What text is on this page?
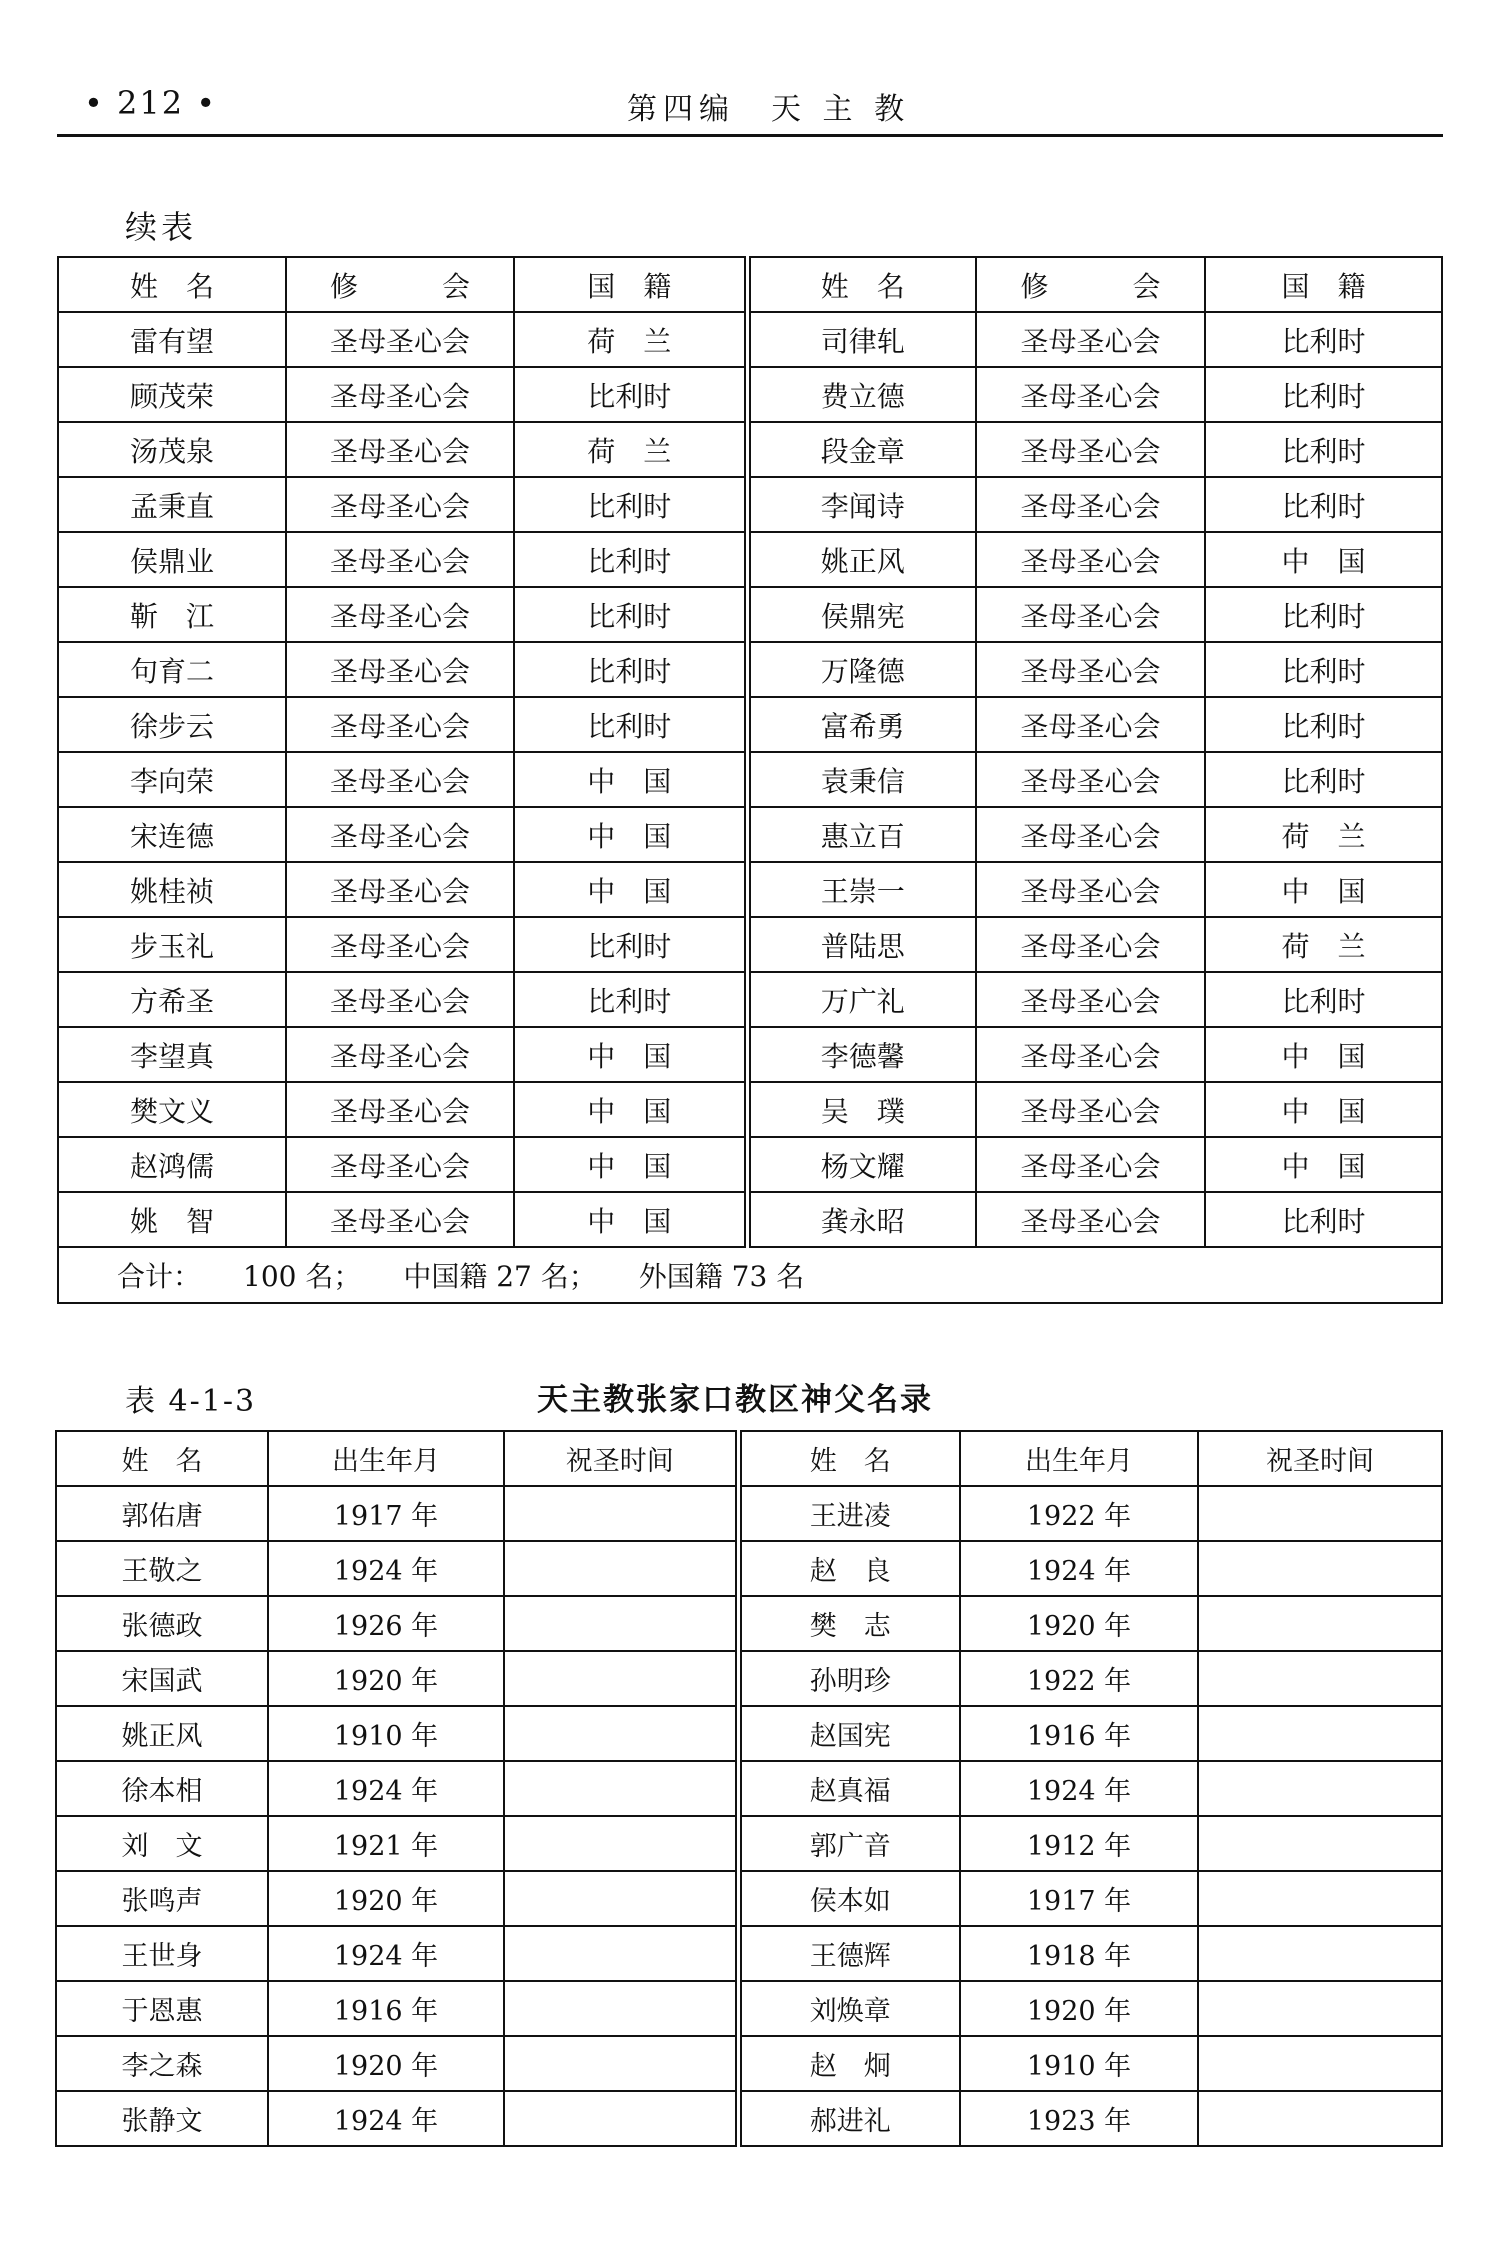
• 212 •	第四编　天 主 教
续表
姓　名	修　　　会	国　籍	姓　名	修　　　会	国　籍
雷有望	圣母圣心会	荷　兰	司律轧	圣母圣心会	比利时
顾茂荣	圣母圣心会	比利时	费立德	圣母圣心会	比利时
汤茂泉	圣母圣心会	荷　兰	段金章	圣母圣心会	比利时
孟秉直	圣母圣心会	比利时	李闻诗	圣母圣心会	比利时
侯鼎业	圣母圣心会	比利时	姚正风	圣母圣心会	中　国
靳　江	圣母圣心会	比利时	侯鼎宪	圣母圣心会	比利时
句育二	圣母圣心会	比利时	万隆德	圣母圣心会	比利时
徐步云	圣母圣心会	比利时	富希勇	圣母圣心会	比利时
李向荣	圣母圣心会	中　国	袁秉信	圣母圣心会	比利时
宋连德	圣母圣心会	中　国	惠立百	圣母圣心会	荷　兰
姚桂祯	圣母圣心会	中　国	王崇一	圣母圣心会	中　国
步玉礼	圣母圣心会	比利时	普陆思	圣母圣心会	荷　兰
方希圣	圣母圣心会	比利时	万广礼	圣母圣心会	比利时
李望真	圣母圣心会	中　国	李德馨	圣母圣心会	中　国
樊文义	圣母圣心会	中　国	吴　璞	圣母圣心会	中　国
赵鸿儒	圣母圣心会	中　国	杨文耀	圣母圣心会	中　国
姚　智	圣母圣心会	中　国	龚永昭	圣母圣心会	比利时
合计：　　100 名；　　中国籍 27 名；　　外国籍 73 名					
表 4-1-3	天主教张家口教区神父名录
姓　名	出生年月	祝圣时间	姓　名	出生年月	祝圣时间
郭佑唐	1917 年		王进凌	1922 年	
王敬之	1924 年		赵　良	1924 年	
张德政	1926 年		樊　志	1920 年	
宋国武	1920 年		孙明珍	1922 年	
姚正风	1910 年		赵国宪	1916 年	
徐本相	1924 年		赵真福	1924 年	
刘　文	1921 年		郭广音	1912 年	
张鸣声	1920 年		侯本如	1917 年	
王世身	1924 年		王德辉	1918 年	
于恩惠	1916 年		刘焕章	1920 年	
李之森	1920 年		赵　炯	1910 年	
张静文	1924 年		郝进礼	1923 年	
